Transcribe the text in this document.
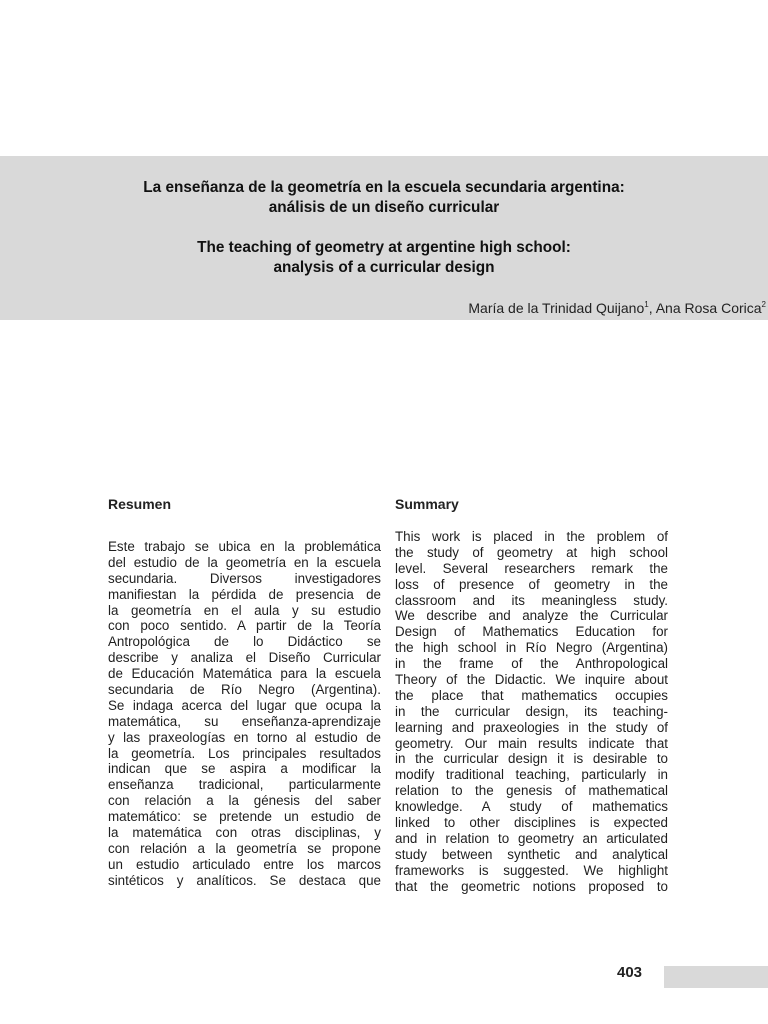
La enseñanza de la geometría en la escuela secundaria argentina:
análisis de un diseño curricular
The teaching of geometry at argentine high school:
analysis of a curricular design
María de la Trinidad Quijano$^1$, Ana Rosa Corica$^2$
Resumen	Summary
Este trabajo se ubica en la problemática
del estudio de la geometría en la escuela
secundaria. Diversos investigadores
manifiestan la pérdida de presencia de
la geometría en el aula y su estudio
con poco sentido. A partir de la Teoría
Antropológica de lo Didáctico se
describe y analiza el Diseño Curricular
de Educación Matemática para la escuela
secundaria de Río Negro (Argentina).
Se indaga acerca del lugar que ocupa la
matemática, su enseñanza-aprendizaje
y las praxeologías en torno al estudio de
la geometría. Los principales resultados
indican que se aspira a modificar la
enseñanza tradicional, particularmente
con relación a la génesis del saber
matemático: se pretende un estudio de
la matemática con otras disciplinas, y
con relación a la geometría se propone
un estudio articulado entre los marcos
sintéticos y analíticos. Se destaca que
This work is placed in the problem of
the study of geometry at high school
level. Several researchers remark the
loss of presence of geometry in the
classroom and its meaningless study.
We describe and analyze the Curricular
Design of Mathematics Education for
the high school in Río Negro (Argentina)
in the frame of the Anthropological
Theory of the Didactic. We inquire about
the place that mathematics occupies
in the curricular design, its teaching-
learning and praxeologies in the study of
geometry. Our main results indicate that
in the curricular design it is desirable to
modify traditional teaching, particularly in
relation to the genesis of mathematical
knowledge. A study of mathematics
linked to other disciplines is expected
and in relation to geometry an articulated
study between synthetic and analytical
frameworks is suggested. We highlight
that the geometric notions proposed to
403
